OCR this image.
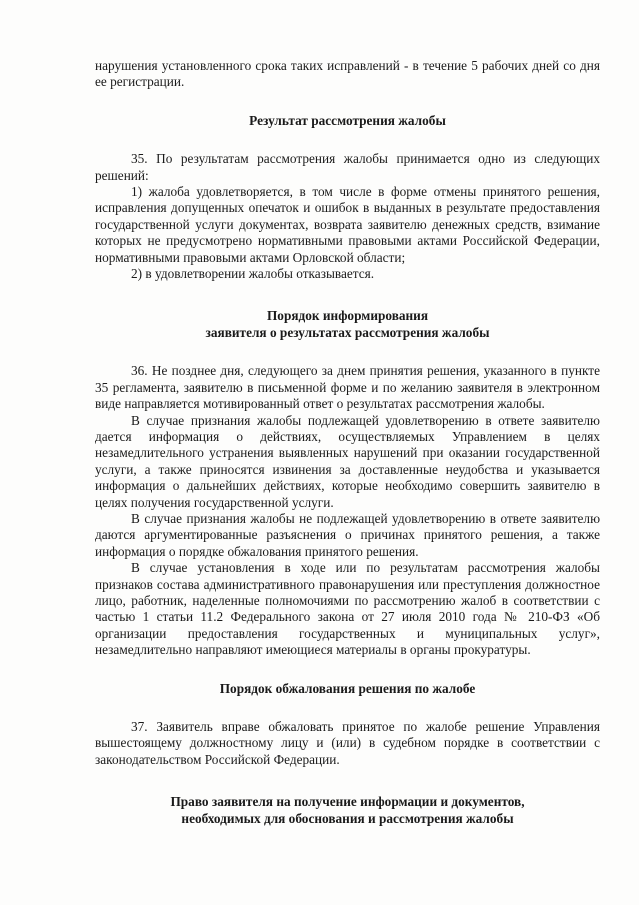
нарушения установленного срока таких исправлений - в течение 5 рабочих дней со дня ее регистрации.

Результат рассмотрения жалобы

35. По результатам рассмотрения жалобы принимается одно из следующих решений:

1) жалоба удовлетворяется, в том числе в форме отмены принятого решения, исправления допущенных опечаток и ошибок в выданных в результате предоставления государственной услуги документах, возврата заявителю денежных средств, взимание которых не предусмотрено нормативными правовыми актами Российской Федерации, нормативными правовыми актами Орловской области;

2) в удовлетворении жалобы отказывается.

Порядок информирования
заявителя о результатах рассмотрения жалобы

36. Не позднее дня, следующего за днем принятия решения, указанного в пункте 35 регламента, заявителю в письменной форме и по желанию заявителя в электронном виде направляется мотивированный ответ о результатах рассмотрения жалобы.

В случае признания жалобы подлежащей удовлетворению в ответе заявителю дается информация о действиях, осуществляемых Управлением в целях незамедлительного устранения выявленных нарушений при оказании государственной услуги, а также приносятся извинения за доставленные неудобства и указывается информация о дальнейших действиях, которые необходимо совершить заявителю в целях получения государственной услуги.

В случае признания жалобы не подлежащей удовлетворению в ответе заявителю даются аргументированные разъяснения о причинах принятого решения, а также информация о порядке обжалования принятого решения.

В случае установления в ходе или по результатам рассмотрения жалобы признаков состава административного правонарушения или преступления должностное лицо, работник, наделенные полномочиями по рассмотрению жалоб в соответствии с частью 1 статьи 11.2 Федерального закона от 27 июля 2010 года № 210-ФЗ «Об организации предоставления государственных и муниципальных услуг», незамедлительно направляют имеющиеся материалы в органы прокуратуры.

Порядок обжалования решения по жалобе

37. Заявитель вправе обжаловать принятое по жалобе решение Управления вышестоящему должностному лицу и (или) в судебном порядке в соответствии с законодательством Российской Федерации.

Право заявителя на получение информации и документов,
необходимых для обоснования и рассмотрения жалобы
